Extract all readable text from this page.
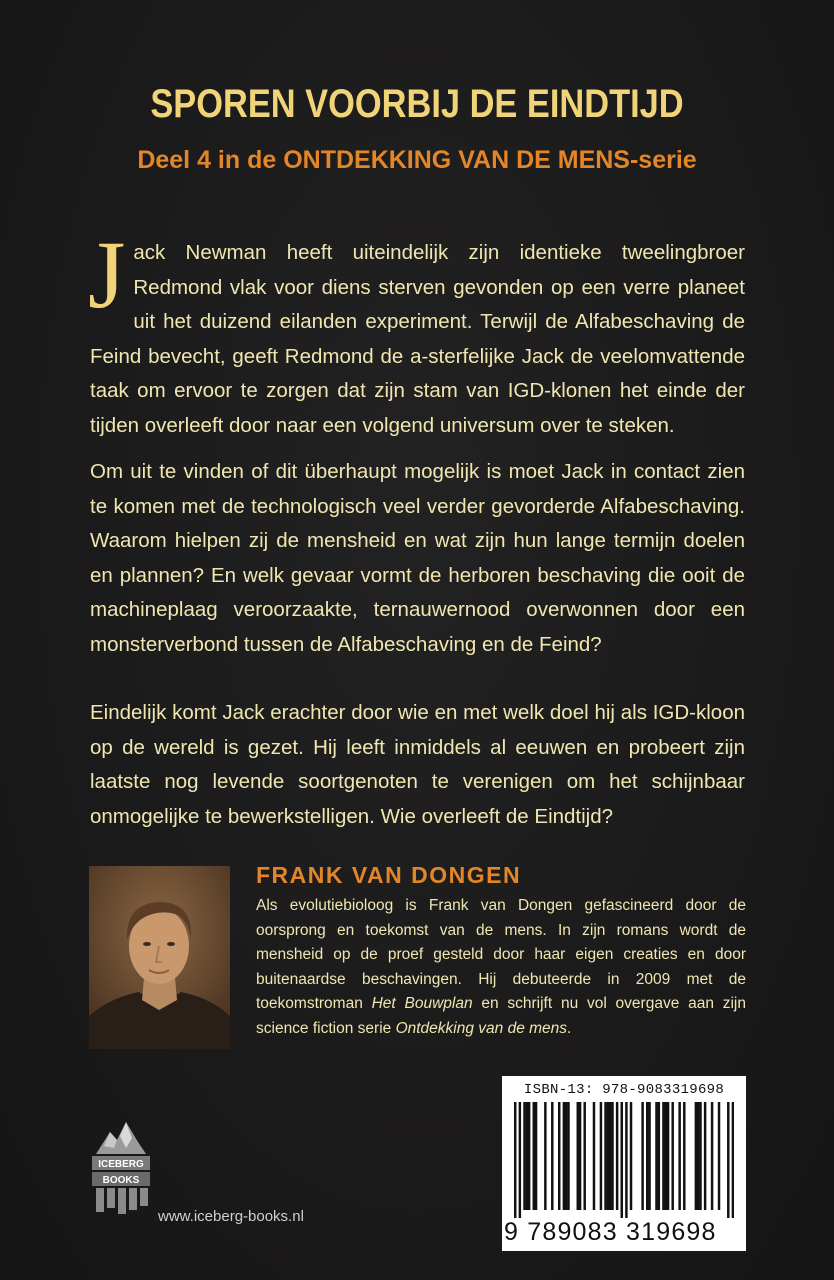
SPOREN VOORBIJ DE EINDTIJD
Deel 4 in de ONTDEKKING VAN DE MENS-serie
Jack Newman heeft uiteindelijk zijn identieke tweelingbroer Redmond vlak voor diens sterven gevonden op een verre planeet uit het duizend eilanden experiment. Terwijl de Alfabeschaving de Feind bevecht, geeft Redmond de a-sterfelijke Jack de veelomvattende taak om ervoor te zorgen dat zijn stam van IGD-klonen het einde der tijden overleeft door naar een volgend universum over te steken.
Om uit te vinden of dit überhaupt mogelijk is moet Jack in contact zien te komen met de technologisch veel verder gevorderde Alfabeschaving. Waarom hielpen zij de mensheid en wat zijn hun lange termijn doelen en plannen? En welk gevaar vormt de herboren beschaving die ooit de machineplaag veroorzaakte, ternauwernood overwonnen door een monsterverbond tussen de Alfabeschaving en de Feind?
Eindelijk komt Jack erachter door wie en met welk doel hij als IGD-kloon op de wereld is gezet. Hij leeft inmiddels al eeuwen en probeert zijn laatste nog levende soortgenoten te verenigen om het schijnbaar onmogelijke te bewerkstelligen. Wie overleeft de Eindtijd?
FRANK VAN DONGEN
Als evolutiebioloog is Frank van Dongen gefascineerd door de oorsprong en toekomst van de mens. In zijn romans wordt de mensheid op de proef gesteld door haar eigen creaties en door buitenaardse beschavingen. Hij debuteerde in 2009 met de toekomstroman Het Bouwplan en schrijft nu vol overgave aan zijn science fiction serie Ontdekking van de mens.
ICEBERG
BOOKS
www.iceberg-books.nl
ISBN-13: 978-9083319698
9 789083 319698
